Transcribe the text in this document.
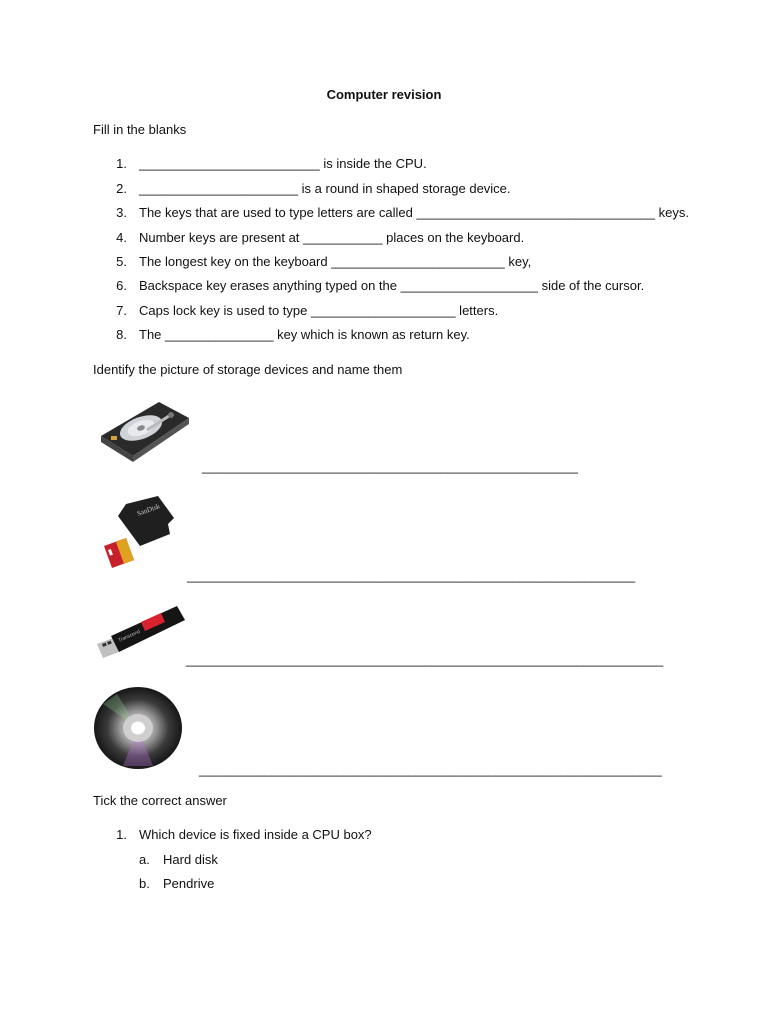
Computer revision
Fill in the blanks
1. _________________________ is inside the CPU.
2. ______________________ is a round in shaped storage device.
3. The keys that are used to type letters are called _________________________________ keys.
4. Number keys are present at ___________ places on the keyboard.
5. The longest key on the keyboard ________________________ key,
6. Backspace key erases anything typed on the ___________________ side of the cursor.
7. Caps lock key is used to type ____________________ letters.
8. The _______________ key which is known as return key.
Identify the picture of storage devices and name them
____________________________________________________
SanDisk
______________________________________________________________
Transcend
__________________________________________________________________
________________________________________________________________
Tick the correct answer
1. Which device is fixed inside a CPU box?
a. Hard disk
b. Pendrive
